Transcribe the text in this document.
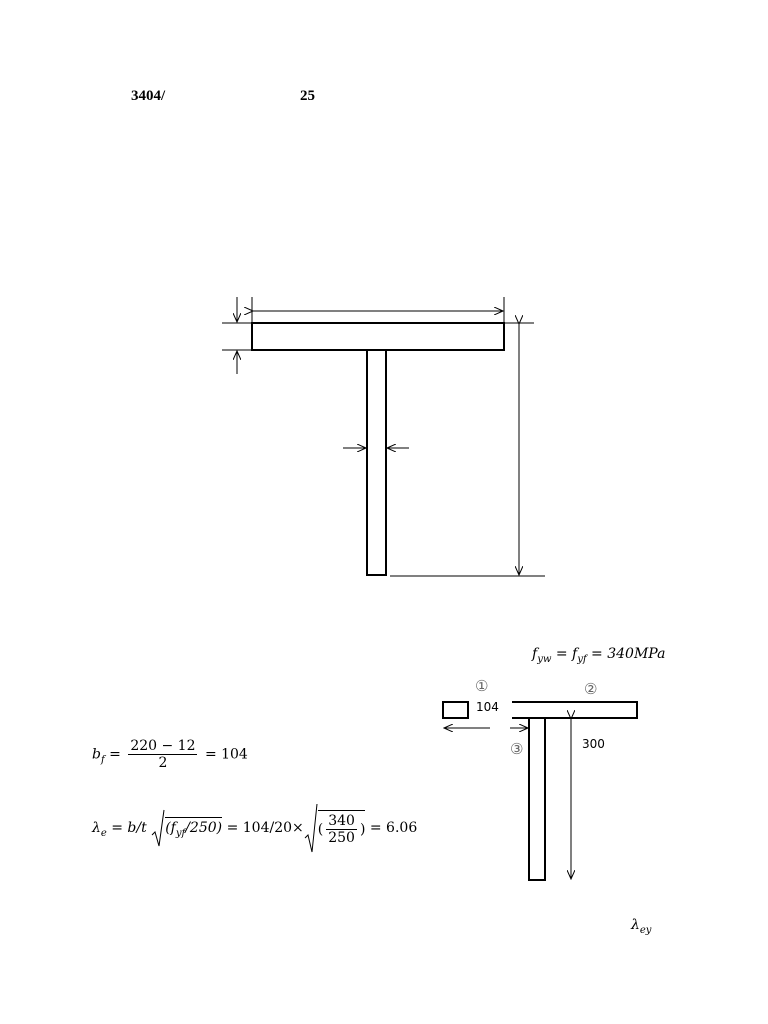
3404/	25
$f_{yw} = f_{yf} = 340MPa$
①	②
③
104
300
$b_f = \frac{220 - 12}{2} = 104$
$\lambda_e = b/t$ $(f_{yf}/250) = 104/20\times$ ( $\frac{340}{250}$ ) = 6.06
$\lambda_{ey}$
